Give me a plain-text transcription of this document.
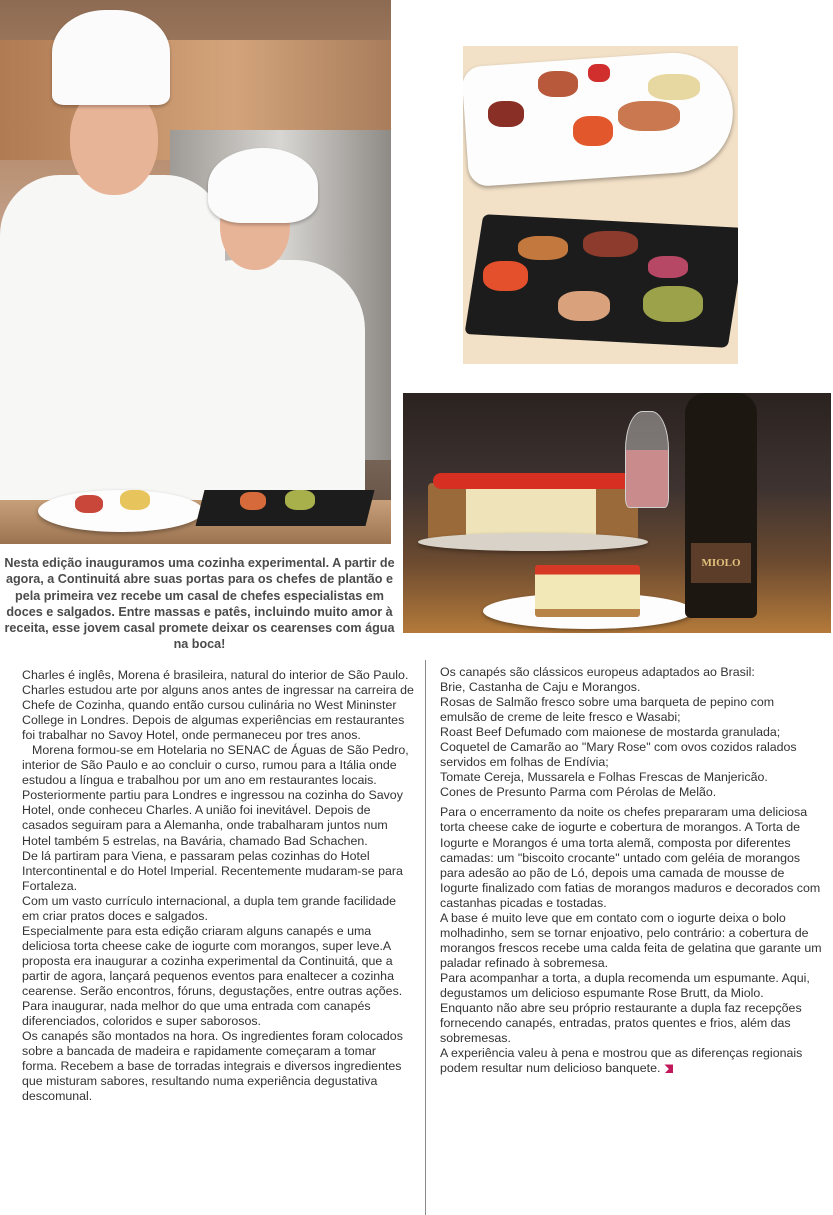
MIOLO
Nesta edição inauguramos uma cozinha experimental. A partir de agora, a Continuitá abre suas portas para os chefes de plantão e pela primeira vez recebe um casal de chefes especialistas em doces e salgados. Entre massas e patês, incluindo muito amor à receita, esse jovem casal promete deixar os cearenses com água na boca!

Charles é inglês, Morena é brasileira, natural do interior de São Paulo. Charles estudou arte por alguns anos antes de ingressar na carreira de Chefe de Cozinha, quando então cursou culinária no West Mininster College in Londres. Depois de algumas experiências em restaurantes foi trabalhar no Savoy Hotel, onde permaneceu por tres anos.

Morena formou-se em Hotelaria no SENAC de Águas de São Pedro, interior de São Paulo e ao concluir o curso, rumou para a Itália onde estudou a língua e trabalhou por um ano em restaurantes locais. Posteriormente partiu para Londres e ingressou na cozinha do Savoy Hotel, onde conheceu Charles. A união foi inevitável. Depois de casados seguiram para a Alemanha, onde trabalharam juntos num Hotel também 5 estrelas, na Bavária, chamado Bad Schachen.

De lá partiram para Viena, e passaram pelas cozinhas do Hotel Intercontinental e do Hotel Imperial. Recentemente mudaram-se para Fortaleza.

Com um vasto currículo internacional, a dupla tem grande facilidade em criar pratos doces e salgados.

Especialmente para esta edição criaram alguns canapés e uma deliciosa torta cheese cake de iogurte com morangos, super leve.A proposta era inaugurar a cozinha experimental da Continuitá, que a partir de agora, lançará pequenos eventos para enaltecer a cozinha cearense. Serão encontros, fóruns, degustações, entre outras ações. Para inaugurar, nada melhor do que uma entrada com canapés diferenciados, coloridos e super saborosos.

Os canapés são montados na hora. Os ingredientes foram colocados sobre a bancada de madeira e rapidamente começaram a tomar forma. Recebem a base de torradas integrais e diversos ingredientes que misturam sabores, resultando numa experiência degustativa descomunal.

Os canapés são clássicos europeus adaptados ao Brasil:

Brie, Castanha de Caju e Morangos.

Rosas de Salmão fresco sobre uma barqueta de pepino com emulsão de creme de leite fresco e Wasabi;

Roast Beef Defumado com maionese de mostarda granulada;

Coquetel de Camarão ao "Mary Rose" com ovos cozidos ralados servidos em folhas de Endívia;

Tomate Cereja, Mussarela e Folhas Frescas de Manjericão.

Cones de Presunto Parma com Pérolas de Melão.

Para o encerramento da noite os chefes prepararam uma deliciosa torta cheese cake de iogurte e cobertura de morangos. A Torta de Iogurte e Morangos é uma torta alemã, composta por diferentes camadas: um "biscoito crocante" untado com geléia de morangos para adesão ao pão de Ló, depois uma camada de mousse de Iogurte finalizado com fatias de morangos maduros e decorados com castanhas picadas e tostadas.

A base é muito leve que em contato com o iogurte deixa o bolo molhadinho, sem se tornar enjoativo, pelo contrário: a cobertura de morangos frescos recebe uma calda feita de gelatina que garante um paladar refinado à sobremesa.

Para acompanhar a torta, a dupla recomenda um espumante. Aqui, degustamos um delicioso espumante Rose Brutt, da Miolo.

Enquanto não abre seu próprio restaurante a dupla faz recepções fornecendo canapés, entradas, pratos quentes e frios, além das sobremesas.

A experiência valeu à pena e mostrou que as diferenças regionais podem resultar num delicioso banquete.
